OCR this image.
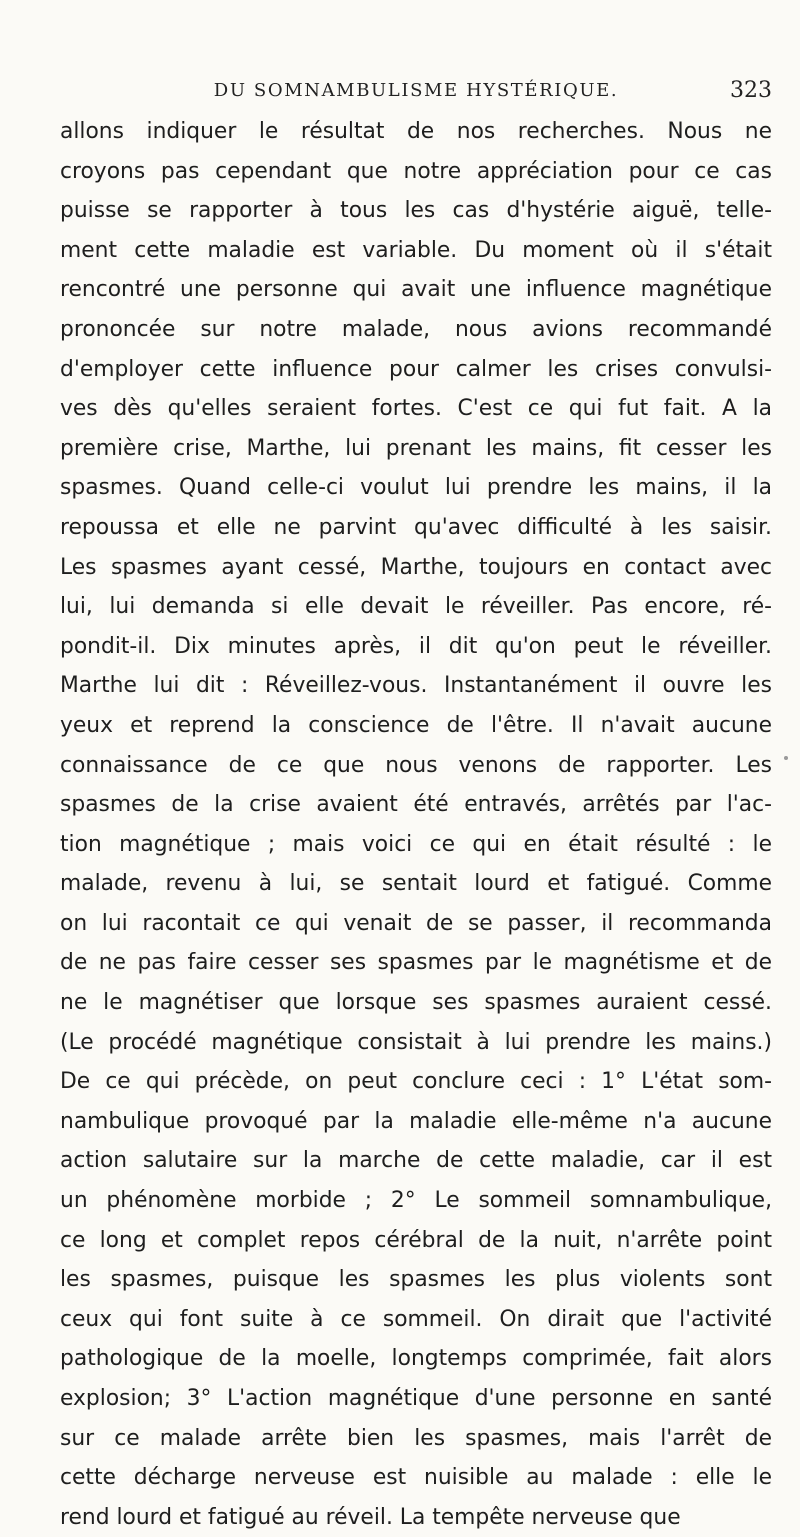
DU SOMNAMBULISME HYSTÉRIQUE.	323
allons indiquer le résultat de nos recherches. Nous ne
croyons pas cependant que notre appréciation pour ce cas
puisse se rapporter à tous les cas d'hystérie aiguë, telle-
ment cette maladie est variable. Du moment où il s'était
rencontré une personne qui avait une influence magnétique
prononcée sur notre malade, nous avions recommandé
d'employer cette influence pour calmer les crises convulsi-
ves dès qu'elles seraient fortes. C'est ce qui fut fait. A la
première crise, Marthe, lui prenant les mains, fit cesser les
spasmes. Quand celle-ci voulut lui prendre les mains, il la
repoussa et elle ne parvint qu'avec difficulté à les saisir.
Les spasmes ayant cessé, Marthe, toujours en contact avec
lui, lui demanda si elle devait le réveiller. Pas encore, ré-
pondit-il. Dix minutes après, il dit qu'on peut le réveiller.
Marthe lui dit : Réveillez-vous. Instantanément il ouvre les
yeux et reprend la conscience de l'être. Il n'avait aucune
connaissance de ce que nous venons de rapporter. Les
spasmes de la crise avaient été entravés, arrêtés par l'ac-
tion magnétique ; mais voici ce qui en était résulté : le
malade, revenu à lui, se sentait lourd et fatigué. Comme
on lui racontait ce qui venait de se passer, il recommanda
de ne pas faire cesser ses spasmes par le magnétisme et de
ne le magnétiser que lorsque ses spasmes auraient cessé.
(Le procédé magnétique consistait à lui prendre les mains.)
De ce qui précède, on peut conclure ceci : 1° L'état som-
nambulique provoqué par la maladie elle-même n'a aucune
action salutaire sur la marche de cette maladie, car il est
un phénomène morbide ; 2° Le sommeil somnambulique,
ce long et complet repos cérébral de la nuit, n'arrête point
les spasmes, puisque les spasmes les plus violents sont
ceux qui font suite à ce sommeil. On dirait que l'activité
pathologique de la moelle, longtemps comprimée, fait alors
explosion; 3° L'action magnétique d'une personne en santé
sur ce malade arrête bien les spasmes, mais l'arrêt de
cette décharge nerveuse est nuisible au malade : elle le
rend lourd et fatigué au réveil. La tempête nerveuse que
